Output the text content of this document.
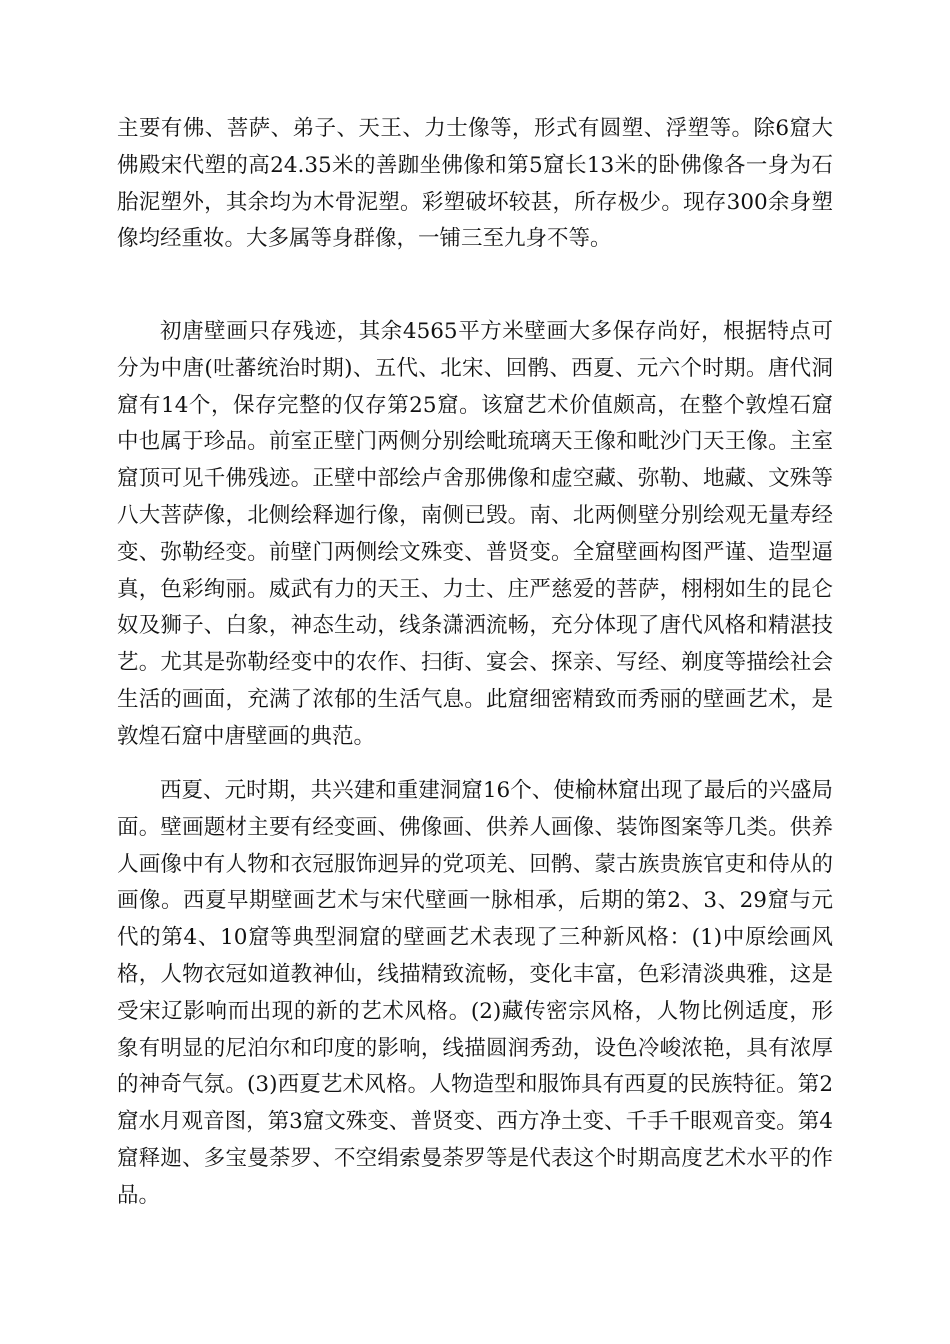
主要有佛、菩萨、弟子、天王、力士像等，形式有圆塑、浮塑等。除6窟大佛殿宋代塑的高24.35米的善跏坐佛像和第5窟长13米的卧佛像各一身为石胎泥塑外，其余均为木骨泥塑。彩塑破坏较甚，所存极少。现存300余身塑像均经重妆。大多属等身群像，一铺三至九身不等。

初唐壁画只存残迹，其余4565平方米壁画大多保存尚好，根据特点可分为中唐(吐蕃统治时期)、五代、北宋、回鹘、西夏、元六个时期。唐代洞窟有14个，保存完整的仅存第25窟。该窟艺术价值颇高，在整个敦煌石窟中也属于珍品。前室正壁门两侧分别绘毗琉璃天王像和毗沙门天王像。主室窟顶可见千佛残迹。正壁中部绘卢舍那佛像和虚空藏、弥勒、地藏、文殊等八大菩萨像，北侧绘释迦行像，南侧已毁。南、北两侧壁分别绘观无量寿经变、弥勒经变。前壁门两侧绘文殊变、普贤变。全窟壁画构图严谨、造型逼真，色彩绚丽。威武有力的天王、力士、庄严慈爱的菩萨，栩栩如生的昆仑奴及狮子、白象，神态生动，线条潇洒流畅，充分体现了唐代风格和精湛技艺。尤其是弥勒经变中的农作、扫街、宴会、探亲、写经、剃度等描绘社会生活的画面，充满了浓郁的生活气息。此窟细密精致而秀丽的壁画艺术，是敦煌石窟中唐壁画的典范。

西夏、元时期，共兴建和重建洞窟16个、使榆林窟出现了最后的兴盛局面。壁画题材主要有经变画、佛像画、供养人画像、装饰图案等几类。供养人画像中有人物和衣冠服饰迥异的党项羌、回鹘、蒙古族贵族官吏和侍从的画像。西夏早期壁画艺术与宋代壁画一脉相承，后期的第2、3、29窟与元代的第4、10窟等典型洞窟的壁画艺术表现了三种新风格：(1)中原绘画风格，人物衣冠如道教神仙，线描精致流畅，变化丰富，色彩清淡典雅，这是受宋辽影响而出现的新的艺术风格。(2)藏传密宗风格，人物比例适度，形象有明显的尼泊尔和印度的影响，线描圆润秀劲，设色冷峻浓艳，具有浓厚的神奇气氛。(3)西夏艺术风格。人物造型和服饰具有西夏的民族特征。第2窟水月观音图，第3窟文殊变、普贤变、西方净土变、千手千眼观音变。第4窟释迦、多宝曼荼罗、不空绢索曼荼罗等是代表这个时期高度艺术水平的作品。
